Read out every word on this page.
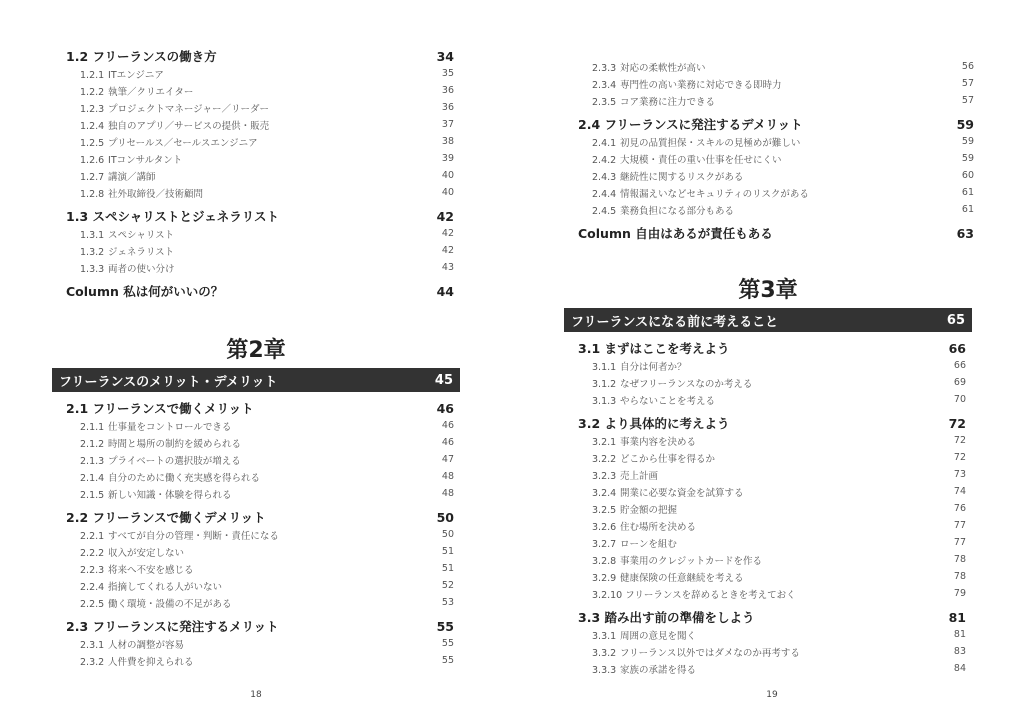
1.2 フリーランスの働き方	34
1.2.1 ITエンジニア	35
1.2.2 執筆／クリエイター	36
1.2.3 プロジェクトマネージャー／リーダー	36
1.2.4 独自のアプリ／サービスの提供・販売	37
1.2.5 プリセールス／セールスエンジニア	38
1.2.6 ITコンサルタント	39
1.2.7 講演／講師	40
1.2.8 社外取締役／技術顧問	40
1.3 スペシャリストとジェネラリスト	42
1.3.1 スペシャリスト	42
1.3.2 ジェネラリスト	42
1.3.3 両者の使い分け	43
Column 私は何がいいの？	44
第2章
フリーランスのメリット・デメリット	45
2.1 フリーランスで働くメリット	46
2.1.1 仕事量をコントロールできる	46
2.1.2 時間と場所の制約を緩められる	46
2.1.3 プライベートの選択肢が増える	47
2.1.4 自分のために働く充実感を得られる	48
2.1.5 新しい知識・体験を得られる	48
2.2 フリーランスで働くデメリット	50
2.2.1 すべてが自分の管理・判断・責任になる	50
2.2.2 収入が安定しない	51
2.2.3 将来へ不安を感じる	51
2.2.4 指摘してくれる人がいない	52
2.2.5 働く環境・設備の不足がある	53
2.3 フリーランスに発注するメリット	55
2.3.1 人材の調整が容易	55
2.3.2 人件費を抑えられる	55
18
2.3.3 対応の柔軟性が高い	56
2.3.4 専門性の高い業務に対応できる即時力	57
2.3.5 コア業務に注力できる	57
2.4 フリーランスに発注するデメリット	59
2.4.1 初見の品質担保・スキルの見極めが難しい	59
2.4.2 大規模・責任の重い仕事を任せにくい	59
2.4.3 継続性に関するリスクがある	60
2.4.4 情報漏えいなどセキュリティのリスクがある	61
2.4.5 業務負担になる部分もある	61
Column 自由はあるが責任もある	63
第3章
フリーランスになる前に考えること	65
3.1 まずはここを考えよう	66
3.1.1 自分は何者か？	66
3.1.2 なぜフリーランスなのか考える	69
3.1.3 やらないことを考える	70
3.2 より具体的に考えよう	72
3.2.1 事業内容を決める	72
3.2.2 どこから仕事を得るか	72
3.2.3 売上計画	73
3.2.4 開業に必要な資金を試算する	74
3.2.5 貯金額の把握	76
3.2.6 住む場所を決める	77
3.2.7 ローンを組む	77
3.2.8 事業用のクレジットカードを作る	78
3.2.9 健康保険の任意継続を考える	78
3.2.10 フリーランスを辞めるときを考えておく	79
3.3 踏み出す前の準備をしよう	81
3.3.1 周囲の意見を聞く	81
3.3.2 フリーランス以外ではダメなのか再考する	83
3.3.3 家族の承諾を得る	84
19
